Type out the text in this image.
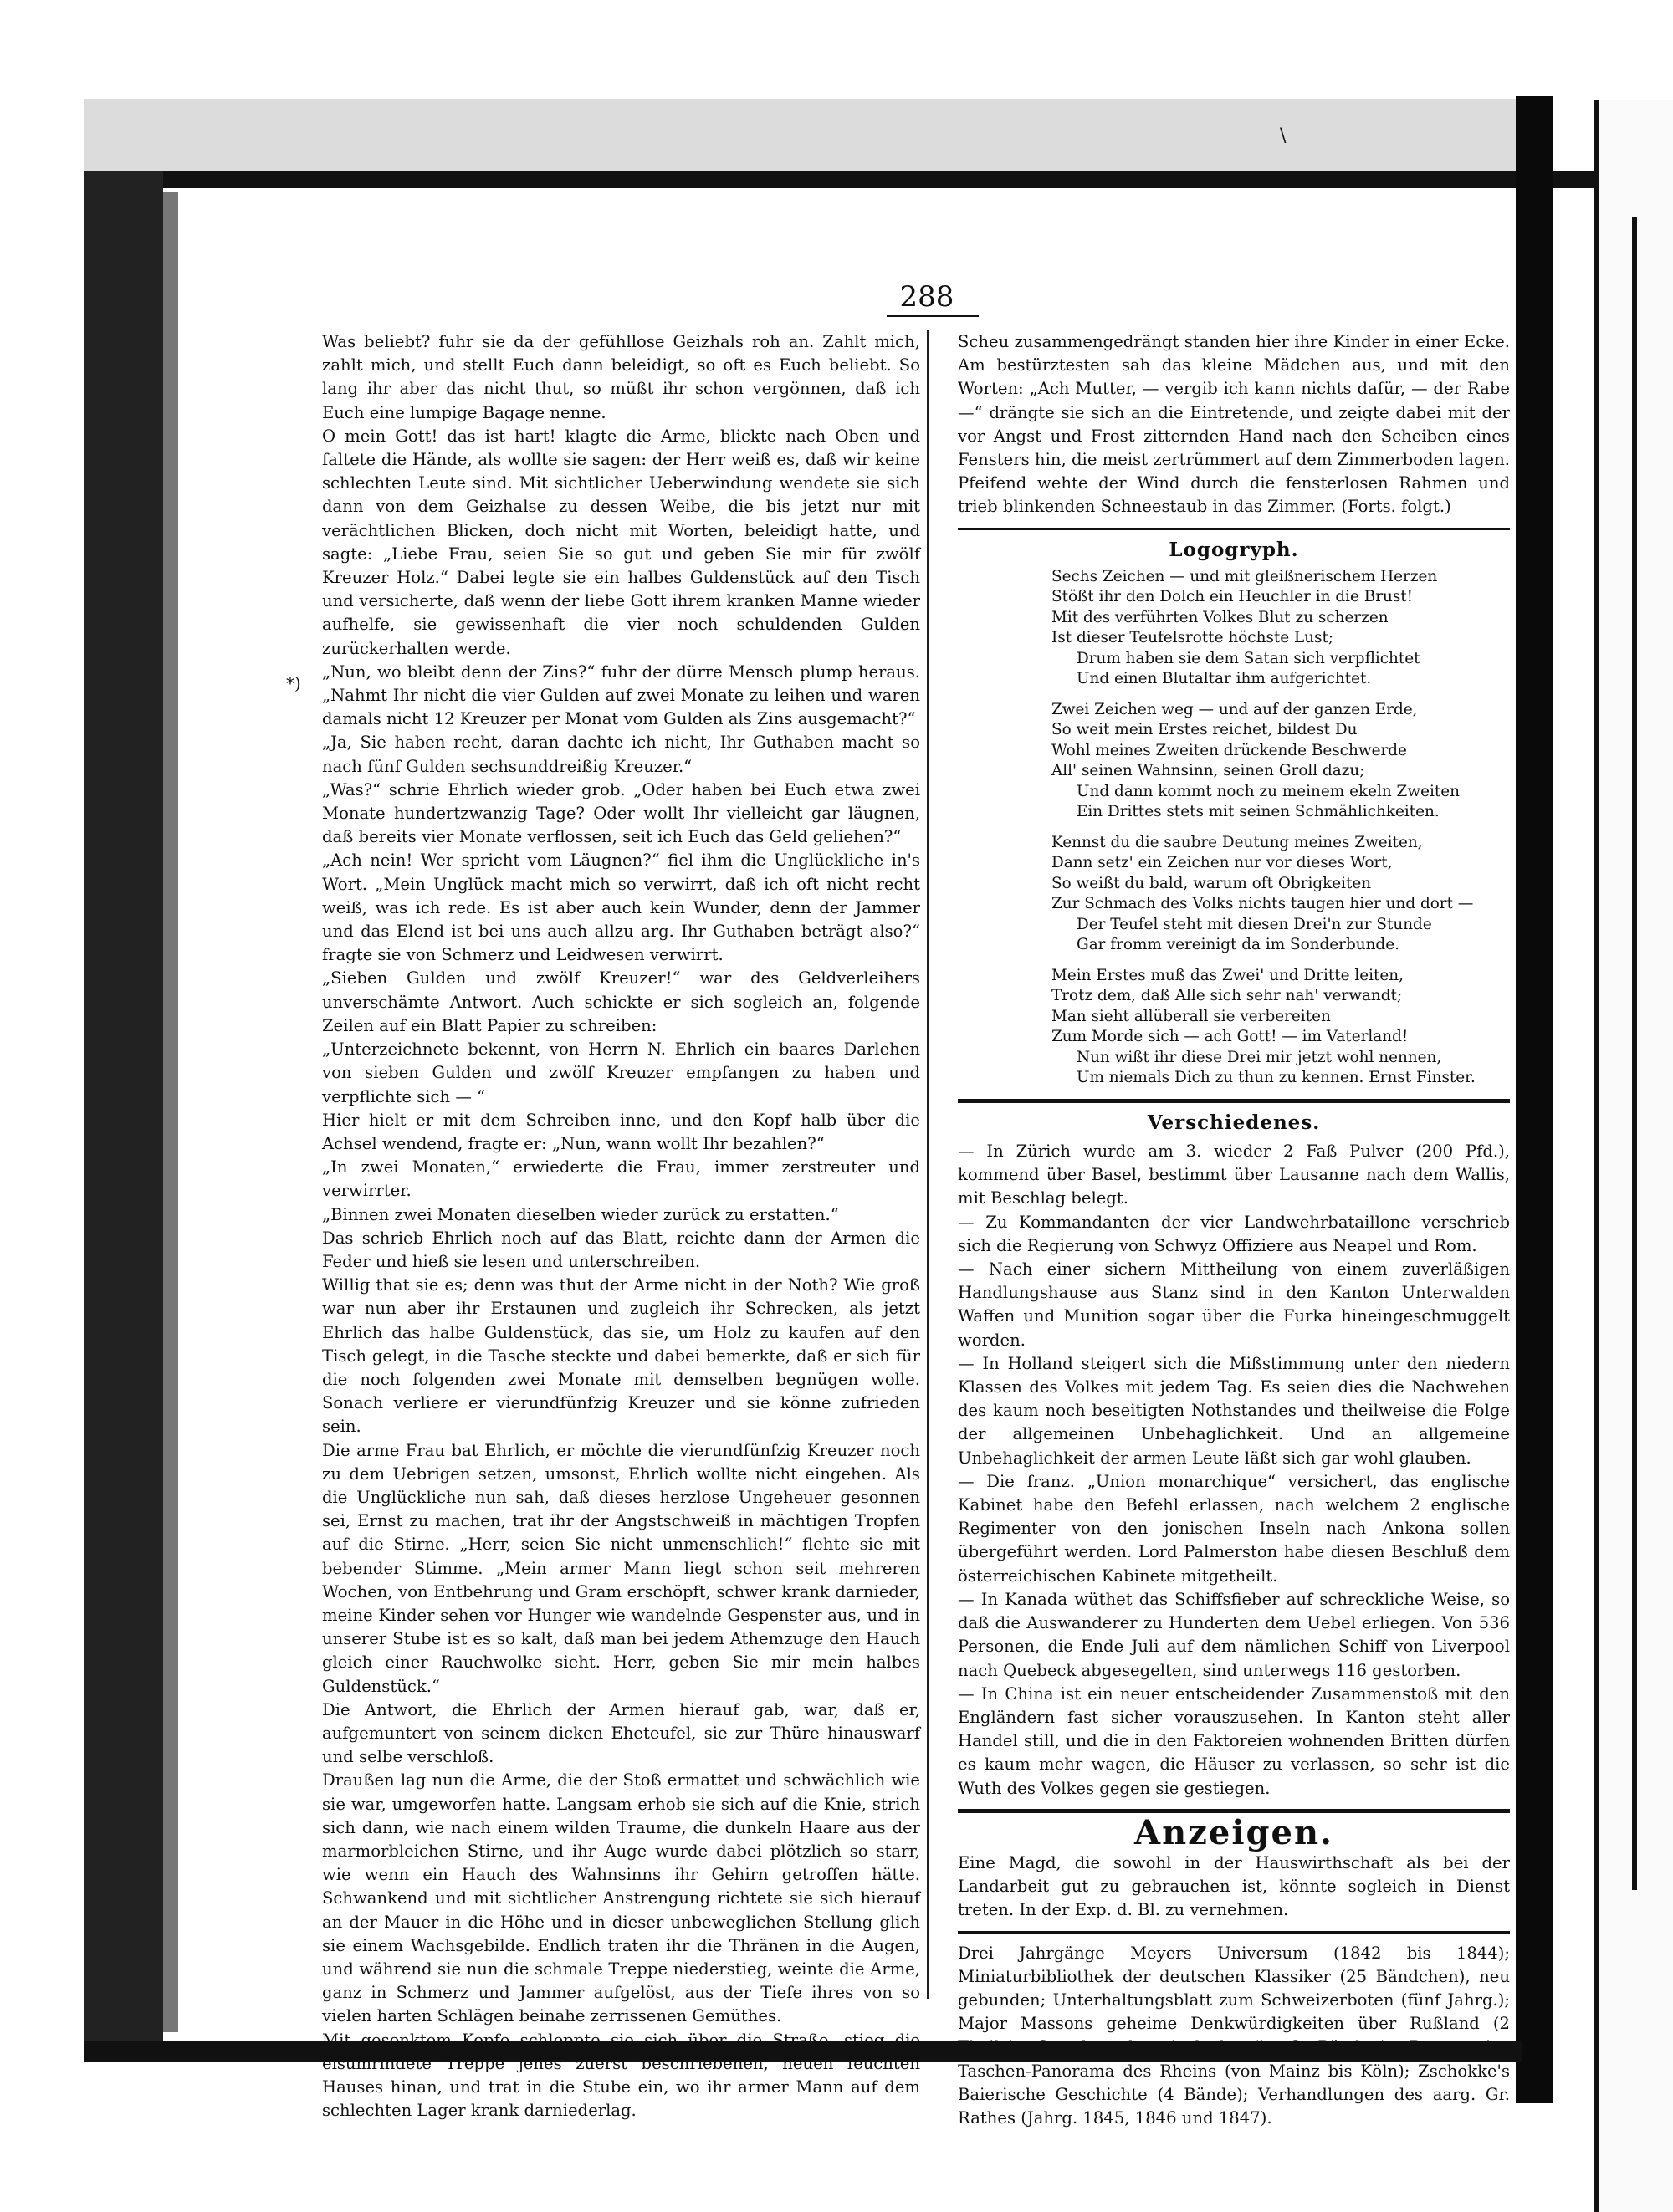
\
288
*)

Was beliebt? fuhr sie da der gefühllose Geizhals roh an. Zahlt mich, zahlt mich, und stellt Euch dann beleidigt, so oft es Euch beliebt. So lang ihr aber das nicht thut, so müßt ihr schon vergönnen, daß ich Euch eine lumpige Bagage nenne.

O mein Gott! das ist hart! klagte die Arme, blickte nach Oben und faltete die Hände, als wollte sie sagen: der Herr weiß es, daß wir keine schlechten Leute sind. Mit sichtlicher Ueberwindung wendete sie sich dann von dem Geizhalse zu dessen Weibe, die bis jetzt nur mit verächtlichen Blicken, doch nicht mit Worten, beleidigt hatte, und sagte: „Liebe Frau, seien Sie so gut und geben Sie mir für zwölf Kreuzer Holz.“ Dabei legte sie ein halbes Guldenstück auf den Tisch und versicherte, daß wenn der liebe Gott ihrem kranken Manne wieder aufhelfe, sie gewissenhaft die vier noch schuldenden Gulden zurückerhalten werde.

„Nun, wo bleibt denn der Zins?“ fuhr der dürre Mensch plump heraus. „Nahmt Ihr nicht die vier Gulden auf zwei Monate zu leihen und waren damals nicht 12 Kreuzer per Monat vom Gulden als Zins ausgemacht?“

„Ja, Sie haben recht, daran dachte ich nicht, Ihr Guthaben macht so nach fünf Gulden sechsunddreißig Kreuzer.“

„Was?“ schrie Ehrlich wieder grob. „Oder haben bei Euch etwa zwei Monate hundertzwanzig Tage? Oder wollt Ihr vielleicht gar läugnen, daß bereits vier Monate verflossen, seit ich Euch das Geld geliehen?“

„Ach nein! Wer spricht vom Läugnen?“ fiel ihm die Unglückliche in's Wort. „Mein Unglück macht mich so verwirrt, daß ich oft nicht recht weiß, was ich rede. Es ist aber auch kein Wunder, denn der Jammer und das Elend ist bei uns auch allzu arg. Ihr Guthaben beträgt also?“ fragte sie von Schmerz und Leidwesen verwirrt.

„Sieben Gulden und zwölf Kreuzer!“ war des Geldverleihers unverschämte Antwort. Auch schickte er sich sogleich an, folgende Zeilen auf ein Blatt Papier zu schreiben:

„Unterzeichnete bekennt, von Herrn N. Ehrlich ein baares Darlehen von sieben Gulden und zwölf Kreuzer empfangen zu haben und verpflichte sich — “

Hier hielt er mit dem Schreiben inne, und den Kopf halb über die Achsel wendend, fragte er: „Nun, wann wollt Ihr bezahlen?“

„In zwei Monaten,“ erwiederte die Frau, immer zerstreuter und verwirrter.

„Binnen zwei Monaten dieselben wieder zurück zu erstatten.“

Das schrieb Ehrlich noch auf das Blatt, reichte dann der Armen die Feder und hieß sie lesen und unterschreiben.

Willig that sie es; denn was thut der Arme nicht in der Noth? Wie groß war nun aber ihr Erstaunen und zugleich ihr Schrecken, als jetzt Ehrlich das halbe Guldenstück, das sie, um Holz zu kaufen auf den Tisch gelegt, in die Tasche steckte und dabei bemerkte, daß er sich für die noch folgenden zwei Monate mit demselben begnügen wolle. Sonach verliere er vierundfünfzig Kreuzer und sie könne zufrieden sein.

Die arme Frau bat Ehrlich, er möchte die vierundfünfzig Kreuzer noch zu dem Uebrigen setzen, umsonst, Ehrlich wollte nicht eingehen. Als die Unglückliche nun sah, daß dieses herzlose Ungeheuer gesonnen sei, Ernst zu machen, trat ihr der Angstschweiß in mächtigen Tropfen auf die Stirne. „Herr, seien Sie nicht unmenschlich!“ flehte sie mit bebender Stimme. „Mein armer Mann liegt schon seit mehreren Wochen, von Entbehrung und Gram erschöpft, schwer krank darnieder, meine Kinder sehen vor Hunger wie wandelnde Gespenster aus, und in unserer Stube ist es so kalt, daß man bei jedem Athemzuge den Hauch gleich einer Rauchwolke sieht. Herr, geben Sie mir mein halbes Guldenstück.“

Die Antwort, die Ehrlich der Armen hierauf gab, war, daß er, aufgemuntert von seinem dicken Eheteufel, sie zur Thüre hinauswarf und selbe verschloß.

Draußen lag nun die Arme, die der Stoß ermattet und schwächlich wie sie war, umgeworfen hatte. Langsam erhob sie sich auf die Knie, strich sich dann, wie nach einem wilden Traume, die dunkeln Haare aus der marmorbleichen Stirne, und ihr Auge wurde dabei plötzlich so starr, wie wenn ein Hauch des Wahnsinns ihr Gehirn getroffen hätte. Schwankend und mit sichtlicher Anstrengung richtete sie sich hierauf an der Mauer in die Höhe und in dieser unbeweglichen Stellung glich sie einem Wachsgebilde. Endlich traten ihr die Thränen in die Augen, und während sie nun die schmale Treppe niederstieg, weinte die Arme, ganz in Schmerz und Jammer aufgelöst, aus der Tiefe ihres von so vielen harten Schlägen beinahe zerrissenen Gemüthes.

Mit gesenktem Kopfe schleppte sie sich über die Straße, stieg die eisumrindete Treppe jenes zuerst beschriebenen, neuen feuchten Hauses hinan, und trat in die Stube ein, wo ihr armer Mann auf dem schlechten Lager krank darniederlag.

Scheu zusammengedrängt standen hier ihre Kinder in einer Ecke. Am bestürztesten sah das kleine Mädchen aus, und mit den Worten: „Ach Mutter, — vergib ich kann nichts dafür, — der Rabe —“ drängte sie sich an die Eintretende, und zeigte dabei mit der vor Angst und Frost zitternden Hand nach den Scheiben eines Fensters hin, die meist zertrümmert auf dem Zimmerboden lagen. Pfeifend wehte der Wind durch die fensterlosen Rahmen und trieb blinkenden Schneestaub in das Zimmer. (Forts. folgt.)

Logogryph.
Sechs Zeichen — und mit gleißnerischem Herzen
Stößt ihr den Dolch ein Heuchler in die Brust!
Mit des verführten Volkes Blut zu scherzen
Ist dieser Teufelsrotte höchste Lust;
Drum haben sie dem Satan sich verpflichtet
Und einen Blutaltar ihm aufgerichtet.
Zwei Zeichen weg — und auf der ganzen Erde,
So weit mein Erstes reichet, bildest Du
Wohl meines Zweiten drückende Beschwerde
All' seinen Wahnsinn, seinen Groll dazu;
Und dann kommt noch zu meinem ekeln Zweiten
Ein Drittes stets mit seinen Schmählichkeiten.
Kennst du die saubre Deutung meines Zweiten,
Dann setz' ein Zeichen nur vor dieses Wort,
So weißt du bald, warum oft Obrigkeiten
Zur Schmach des Volks nichts taugen hier und dort —
Der Teufel steht mit diesen Drei'n zur Stunde
Gar fromm vereinigt da im Sonderbunde.
Mein Erstes muß das Zwei' und Dritte leiten,
Trotz dem, daß Alle sich sehr nah' verwandt;
Man sieht allüberall sie verbereiten
Zum Morde sich — ach Gott! — im Vaterland!
Nun wißt ihr diese Drei mir jetzt wohl nennen,
Um niemals Dich zu thun zu kennen. Ernst Finster.
Verschiedenes.

— In Zürich wurde am 3. wieder 2 Faß Pulver (200 Pfd.), kommend über Basel, bestimmt über Lausanne nach dem Wallis, mit Beschlag belegt.

— Zu Kommandanten der vier Landwehrbataillone verschrieb sich die Regierung von Schwyz Offiziere aus Neapel und Rom.

— Nach einer sichern Mittheilung von einem zuverläßigen Handlungshause aus Stanz sind in den Kanton Unterwalden Waffen und Munition sogar über die Furka hineingeschmuggelt worden.

— In Holland steigert sich die Mißstimmung unter den niedern Klassen des Volkes mit jedem Tag. Es seien dies die Nachwehen des kaum noch beseitigten Nothstandes und theilweise die Folge der allgemeinen Unbehaglichkeit. Und an allgemeine Unbehaglichkeit der armen Leute läßt sich gar wohl glauben.

— Die franz. „Union monarchique“ versichert, das englische Kabinet habe den Befehl erlassen, nach welchem 2 englische Regimenter von den jonischen Inseln nach Ankona sollen übergeführt werden. Lord Palmerston habe diesen Beschluß dem österreichischen Kabinete mitgetheilt.

— In Kanada wüthet das Schiffsfieber auf schreckliche Weise, so daß die Auswanderer zu Hunderten dem Uebel erliegen. Von 536 Personen, die Ende Juli auf dem nämlichen Schiff von Liverpool nach Quebeck abgesegelten, sind unterwegs 116 gestorben.

— In China ist ein neuer entscheidender Zusammenstoß mit den Engländern fast sicher vorauszusehen. In Kanton steht aller Handel still, und die in den Faktoreien wohnenden Britten dürfen es kaum mehr wagen, die Häuser zu verlassen, so sehr ist die Wuth des Volkes gegen sie gestiegen.

Anzeigen.

Eine Magd, die sowohl in der Hauswirthschaft als bei der Landarbeit gut zu gebrauchen ist, könnte sogleich in Dienst treten. In der Exp. d. Bl. zu vernehmen.

Drei Jahrgänge Meyers Universum (1842 bis 1844); Miniaturbibliothek der deutschen Klassiker (25 Bändchen), neu gebunden; Unterhaltungsblatt zum Schweizerboten (fünf Jahrg.); Major Massons geheime Denkwürdigkeiten über Rußland (2 Theile); Stunden der Andacht (in 2 Bänden); Ravensteins Taschen-Panorama des Rheins (von Mainz bis Köln); Zschokke's Baierische Geschichte (4 Bände); Verhandlungen des aarg. Gr. Rathes (Jahrg. 1845, 1846 und 1847).
